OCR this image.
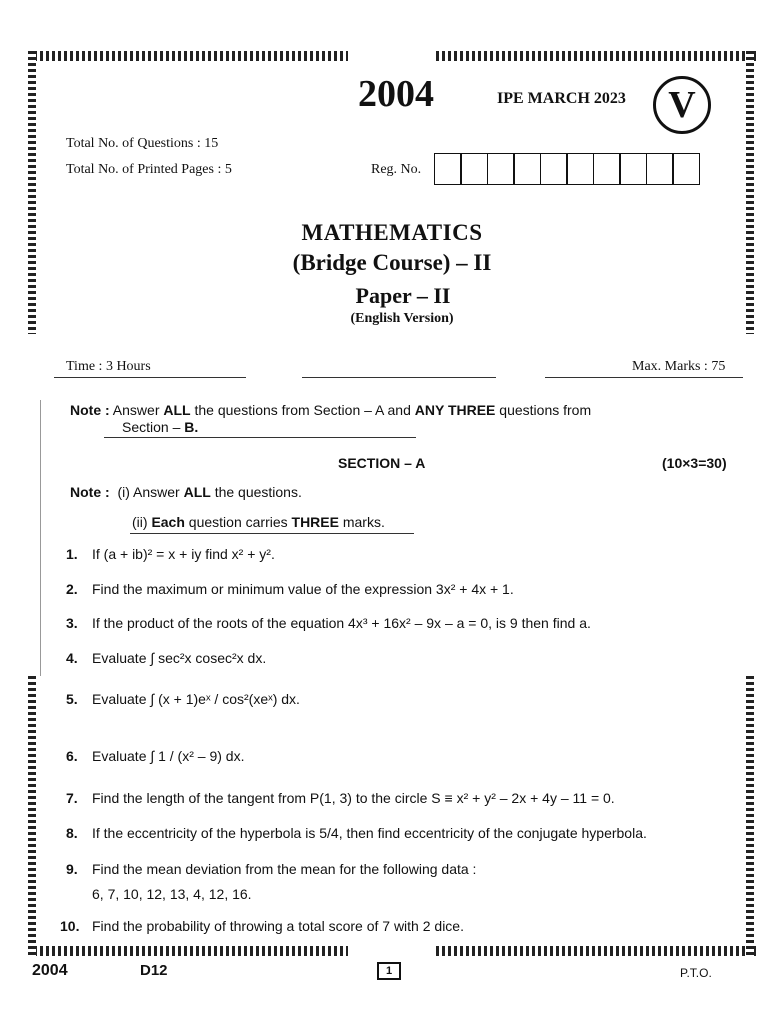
2004	IPE MARCH 2023 V
Total No. of Questions : 15
Total No. of Printed Pages : 5	Reg. No.
MATHEMATICS
(Bridge Course) – II
Paper – II
(English Version)
Time : 3 Hours	Max. Marks : 75
Note : Answer ALL the questions from Section – A and ANY THREE questions from
Section – B.
SECTION – A	(10×3=30)
Note : (i) Answer ALL the questions.
(ii) Each question carries THREE marks.
1. If (a + ib)² = x + iy find x² + y².
2. Find the maximum or minimum value of the expression 3x² + 4x + 1.
3. If the product of the roots of the equation 4x³ + 16x² – 9x – a = 0, is 9 then find a.
4. Evaluate ∫ sec²x cosec²x dx.
5. Evaluate ∫ (x + 1)eˣ / cos²(xeˣ) dx.
6. Evaluate ∫ 1 / (x² – 9) dx.
7. Find the length of the tangent from P(1, 3) to the circle S ≡ x² + y² – 2x + 4y – 11 = 0.
8. If the eccentricity of the hyperbola is 5/4, then find eccentricity of the conjugate hyperbola.
9. Find the mean deviation from the mean for the following data :
6, 7, 10, 12, 13, 4, 12, 16.
10. Find the probability of throwing a total score of 7 with 2 dice.
2004	D12	1	P.T.O.
